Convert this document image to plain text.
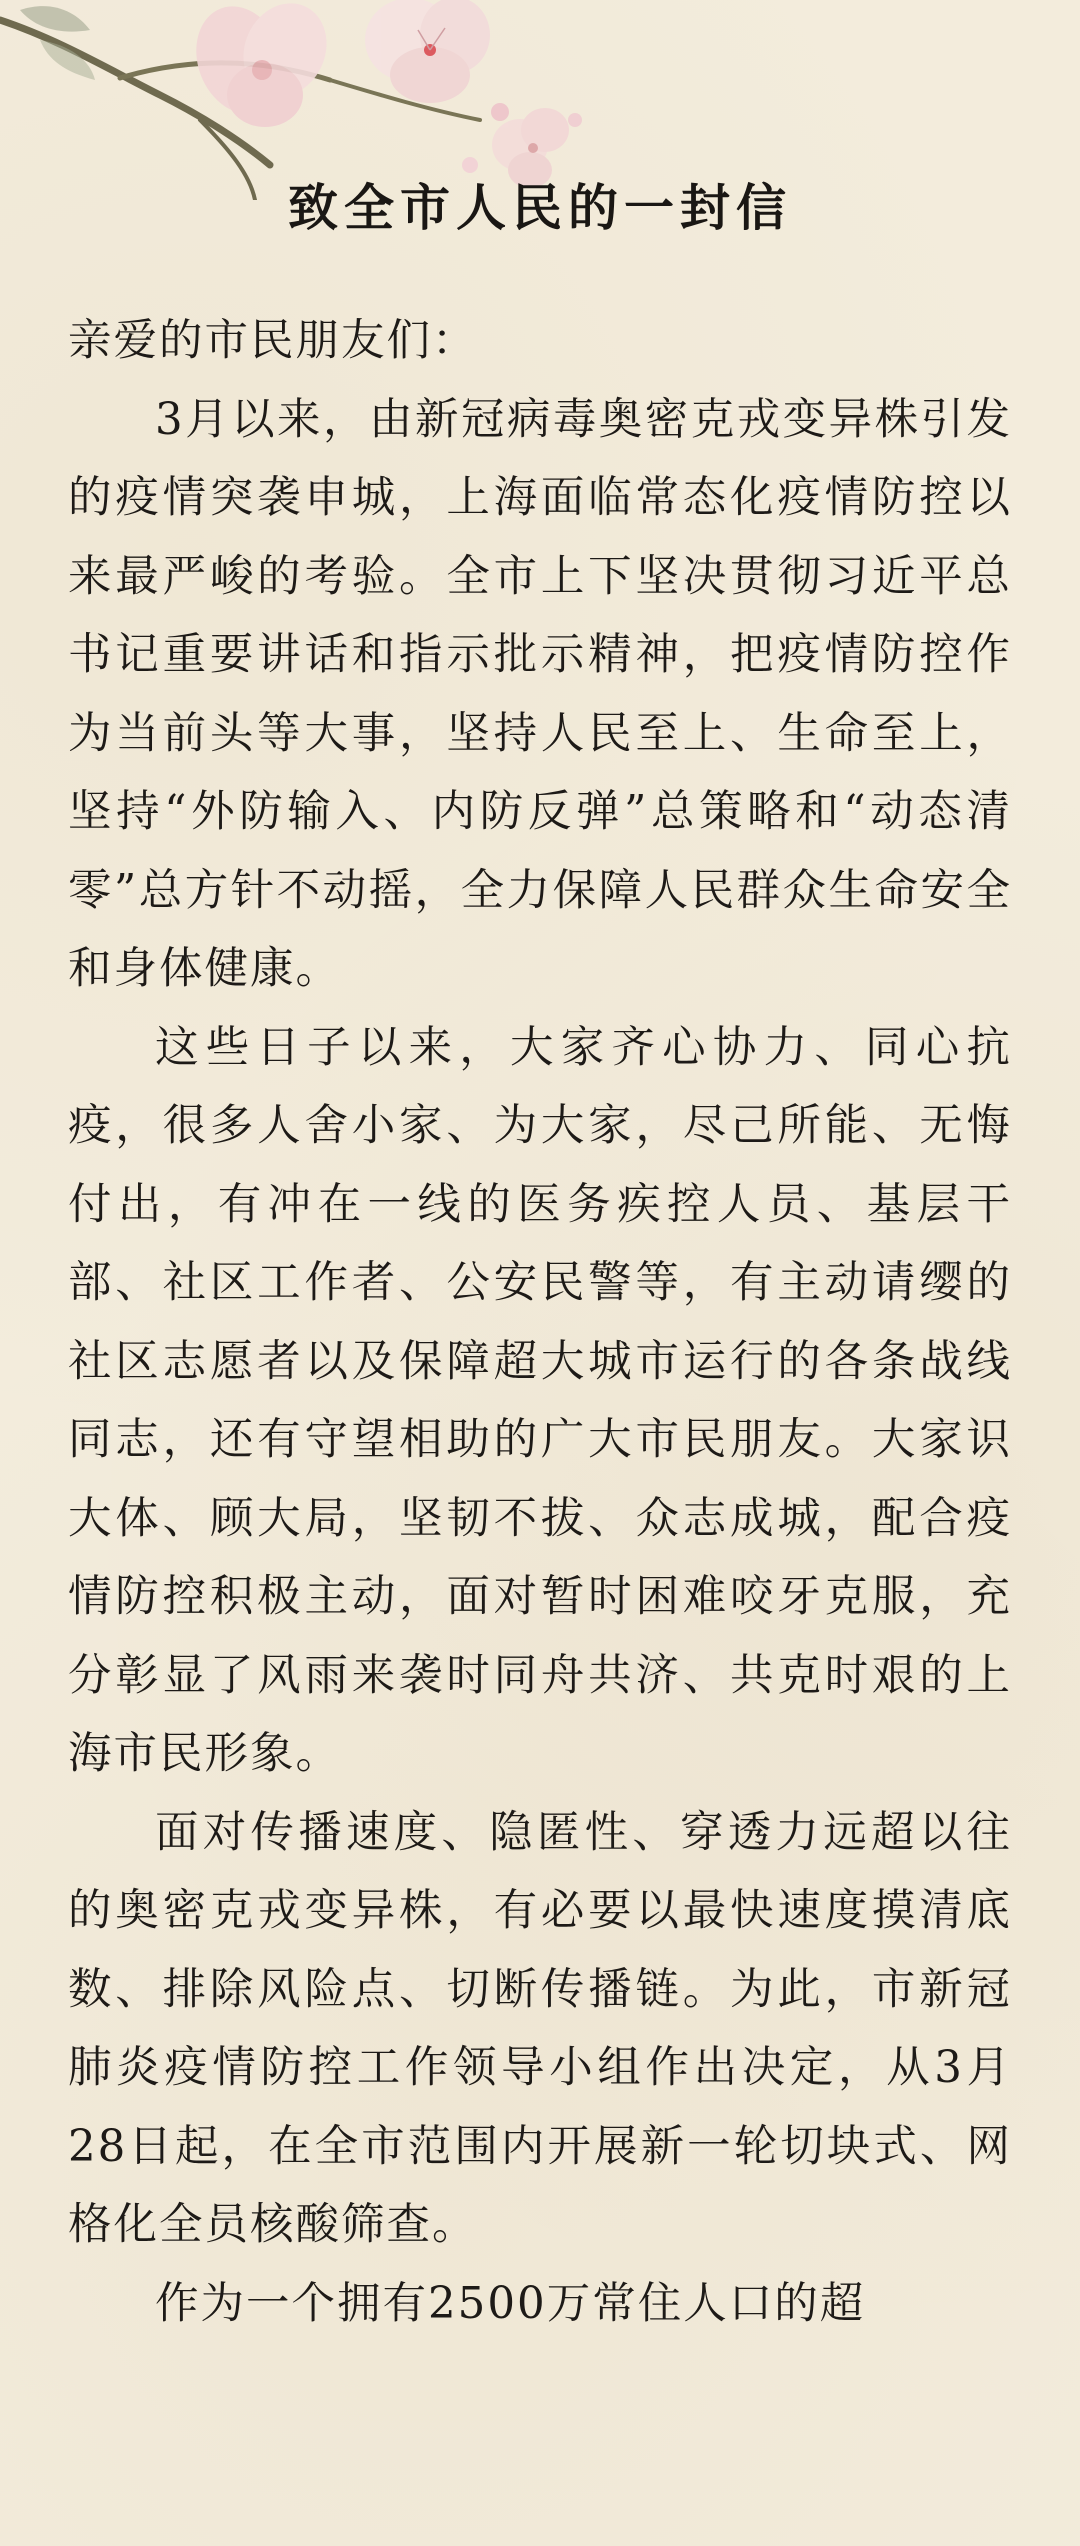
致全市人民的一封信

亲爱的市民朋友们：

3月以来，由新冠病毒奥密克戎变异株引发的疫情突袭申城，上海面临常态化疫情防控以来最严峻的考验。全市上下坚决贯彻习近平总书记重要讲话和指示批示精神，把疫情防控作为当前头等大事，坚持人民至上、生命至上，坚持“外防输入、内防反弹”总策略和“动态清零”总方针不动摇，全力保障人民群众生命安全和身体健康。

这些日子以来，大家齐心协力、同心抗疫，很多人舍小家、为大家，尽己所能、无悔付出，有冲在一线的医务疾控人员、基层干部、社区工作者、公安民警等，有主动请缨的社区志愿者以及保障超大城市运行的各条战线同志，还有守望相助的广大市民朋友。大家识大体、顾大局，坚韧不拔、众志成城，配合疫情防控积极主动，面对暂时困难咬牙克服，充分彰显了风雨来袭时同舟共济、共克时艰的上海市民形象。

面对传播速度、隐匿性、穿透力远超以往的奥密克戎变异株，有必要以最快速度摸清底数、排除风险点、切断传播链。为此，市新冠肺炎疫情防控工作领导小组作出决定，从3月28日起，在全市范围内开展新一轮切块式、网格化全员核酸筛查。

作为一个拥有2500万常住人口的超
